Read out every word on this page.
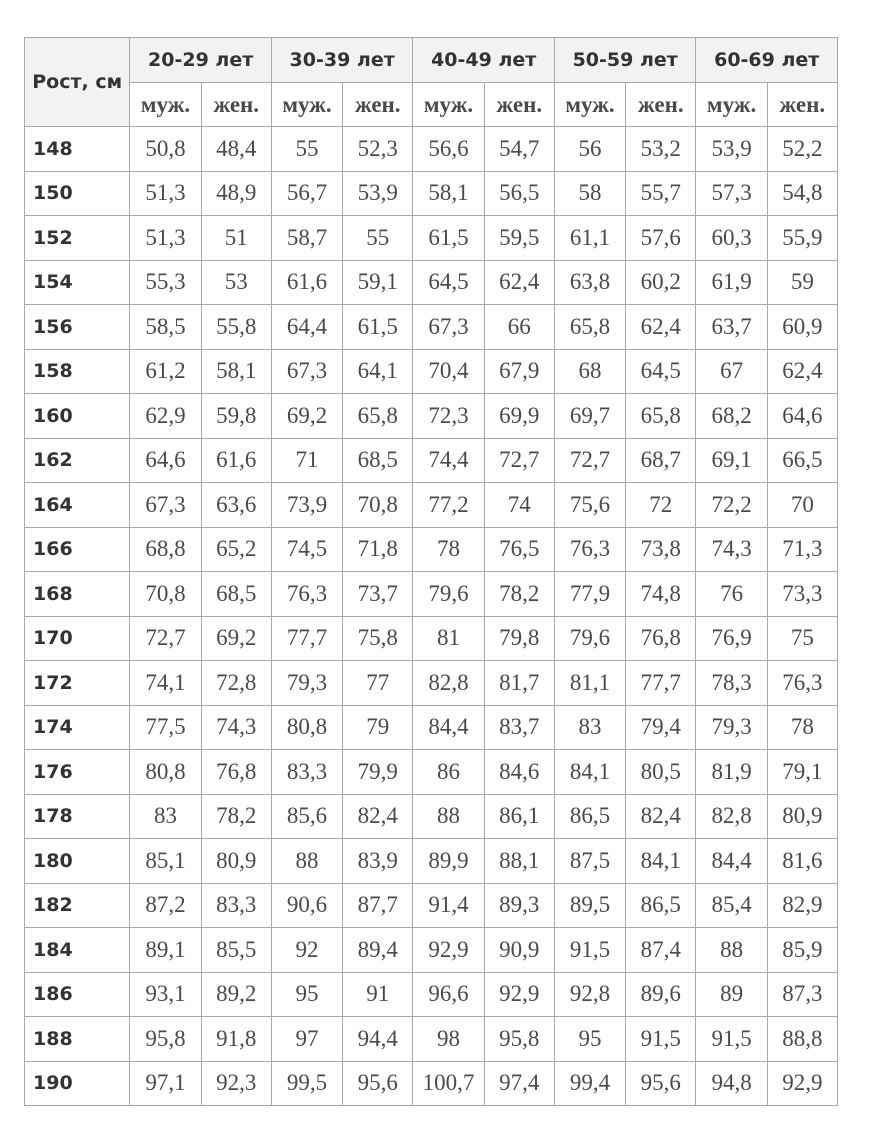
Рост, см	20-29 лет		30-39 лет		40-49 лет		50-59 лет		60-69 лет	
	муж.	жен.	муж.	жен.	муж.	жен.	муж.	жен.	муж.	жен.
148	50,8	48,4	55	52,3	56,6	54,7	56	53,2	53,9	52,2
150	51,3	48,9	56,7	53,9	58,1	56,5	58	55,7	57,3	54,8
152	51,3	51	58,7	55	61,5	59,5	61,1	57,6	60,3	55,9
154	55,3	53	61,6	59,1	64,5	62,4	63,8	60,2	61,9	59
156	58,5	55,8	64,4	61,5	67,3	66	65,8	62,4	63,7	60,9
158	61,2	58,1	67,3	64,1	70,4	67,9	68	64,5	67	62,4
160	62,9	59,8	69,2	65,8	72,3	69,9	69,7	65,8	68,2	64,6
162	64,6	61,6	71	68,5	74,4	72,7	72,7	68,7	69,1	66,5
164	67,3	63,6	73,9	70,8	77,2	74	75,6	72	72,2	70
166	68,8	65,2	74,5	71,8	78	76,5	76,3	73,8	74,3	71,3
168	70,8	68,5	76,3	73,7	79,6	78,2	77,9	74,8	76	73,3
170	72,7	69,2	77,7	75,8	81	79,8	79,6	76,8	76,9	75
172	74,1	72,8	79,3	77	82,8	81,7	81,1	77,7	78,3	76,3
174	77,5	74,3	80,8	79	84,4	83,7	83	79,4	79,3	78
176	80,8	76,8	83,3	79,9	86	84,6	84,1	80,5	81,9	79,1
178	83	78,2	85,6	82,4	88	86,1	86,5	82,4	82,8	80,9
180	85,1	80,9	88	83,9	89,9	88,1	87,5	84,1	84,4	81,6
182	87,2	83,3	90,6	87,7	91,4	89,3	89,5	86,5	85,4	82,9
184	89,1	85,5	92	89,4	92,9	90,9	91,5	87,4	88	85,9
186	93,1	89,2	95	91	96,6	92,9	92,8	89,6	89	87,3
188	95,8	91,8	97	94,4	98	95,8	95	91,5	91,5	88,8
190	97,1	92,3	99,5	95,6	100,7	97,4	99,4	95,6	94,8	92,9
